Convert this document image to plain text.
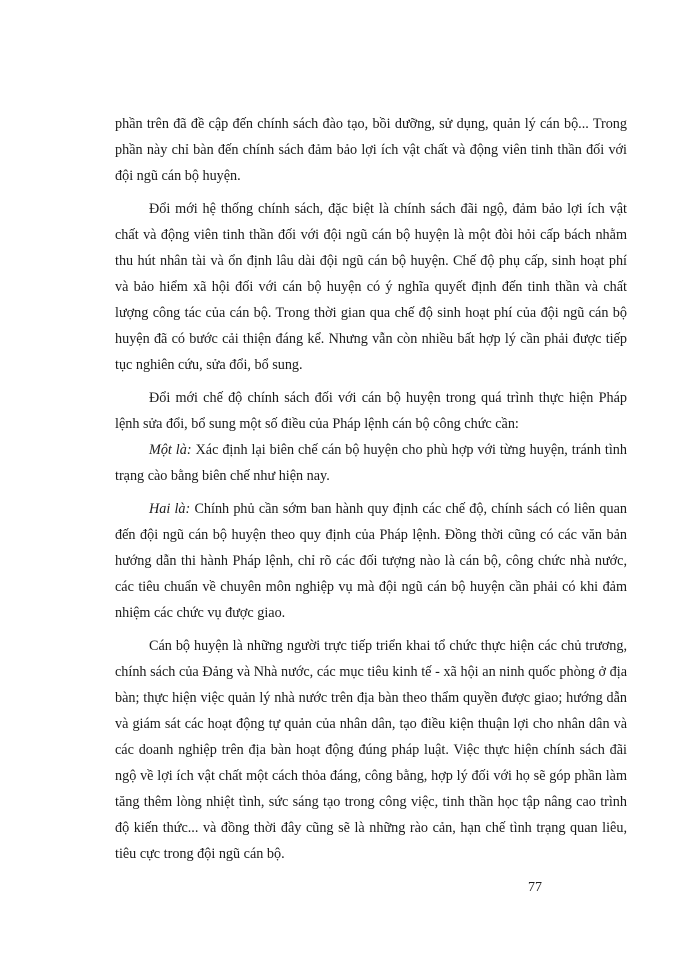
phần trên đã đề cập đến chính sách đào tạo, bồi dưỡng, sử dụng, quản lý cán bộ... Trong phần này chỉ bàn đến chính sách đảm bảo lợi ích vật chất và động viên tinh thần đối với đội ngũ cán bộ huyện.

Đổi mới hệ thống chính sách, đặc biệt là chính sách đãi ngộ, đảm bảo lợi ích vật chất và động viên tinh thần đối với đội ngũ cán bộ huyện là một đòi hỏi cấp bách nhằm thu hút nhân tài và ổn định lâu dài đội ngũ cán bộ huyện. Chế độ phụ cấp, sinh hoạt phí và bảo hiểm xã hội đối với cán bộ huyện có ý nghĩa quyết định đến tinh thần và chất lượng công tác của cán bộ. Trong thời gian qua chế độ sinh hoạt phí của đội ngũ cán bộ huyện đã có bước cải thiện đáng kể. Nhưng vẫn còn nhiều bất hợp lý cần phải được tiếp tục nghiên cứu, sửa đổi, bổ sung.

Đổi mới chế độ chính sách đối với cán bộ huyện trong quá trình thực hiện Pháp lệnh sửa đổi, bổ sung một số điều của Pháp lệnh cán bộ công chức cần:

Một là: Xác định lại biên chế cán bộ huyện cho phù hợp với từng huyện, tránh tình trạng cào bằng biên chế như hiện nay.

Hai là: Chính phủ cần sớm ban hành quy định các chế độ, chính sách có liên quan đến đội ngũ cán bộ huyện theo quy định của Pháp lệnh. Đồng thời cũng có các văn bản hướng dẫn thi hành Pháp lệnh, chỉ rõ các đối tượng nào là cán bộ, công chức nhà nước, các tiêu chuẩn về chuyên môn nghiệp vụ mà đội ngũ cán bộ huyện cần phải có khi đảm nhiệm các chức vụ được giao.

Cán bộ huyện là những người trực tiếp triển khai tổ chức thực hiện các chủ trương, chính sách của Đảng và Nhà nước, các mục tiêu kinh tế - xã hội an ninh quốc phòng ở địa bàn; thực hiện việc quản lý nhà nước trên địa bàn theo thẩm quyền được giao; hướng dẫn và giám sát các hoạt động tự quản của nhân dân, tạo điều kiện thuận lợi cho nhân dân và các doanh nghiệp trên địa bàn hoạt động đúng pháp luật. Việc thực hiện chính sách đãi ngộ về lợi ích vật chất một cách thỏa đáng, công bằng, hợp lý đối với họ sẽ góp phần làm tăng thêm lòng nhiệt tình, sức sáng tạo trong công việc, tinh thần học tập nâng cao trình độ kiến thức... và đồng thời đây cũng sẽ là những rào cản, hạn chế tình trạng quan liêu, tiêu cực trong đội ngũ cán bộ.

77
